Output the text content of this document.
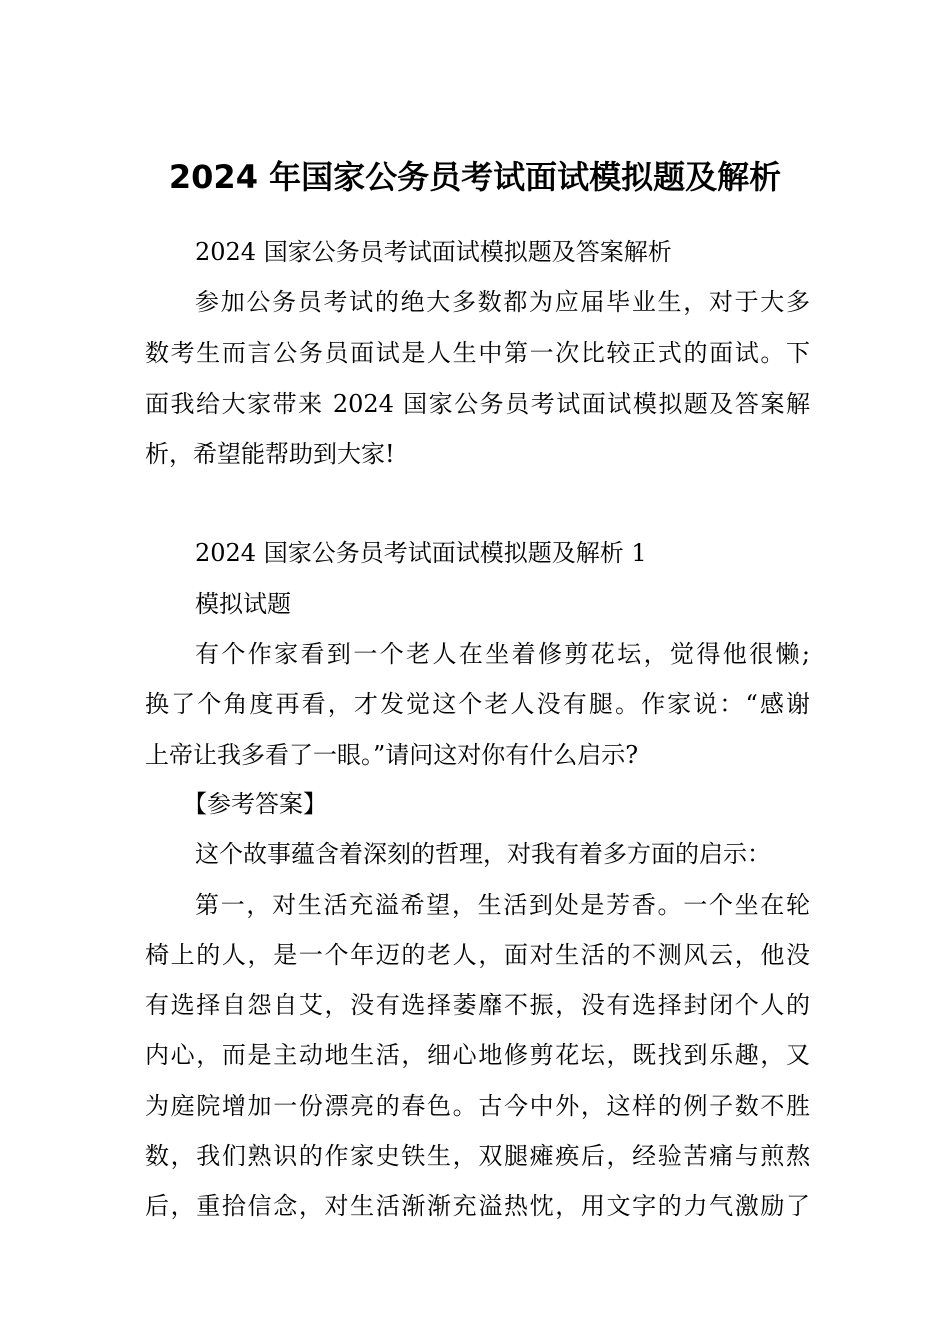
2024 年国家公务员考试面试模拟题及解析
2024 国家公务员考试面试模拟题及答案解析
参加公务员考试的绝大多数都为应届毕业生，对于大多
数考生而言公务员面试是人生中第一次比较正式的面试。下
面我给大家带来 2024 国家公务员考试面试模拟题及答案解
析，希望能帮助到大家!
2024 国家公务员考试面试模拟题及解析 1
模拟试题
有个作家看到一个老人在坐着修剪花坛，觉得他很懒;
换了个角度再看，才发觉这个老人没有腿。作家说：“感谢
上帝让我多看了一眼。”请问这对你有什么启示?
【参考答案】
这个故事蕴含着深刻的哲理，对我有着多方面的启示：
第一，对生活充溢希望，生活到处是芳香。一个坐在轮
椅上的人，是一个年迈的老人，面对生活的不测风云，他没
有选择自怨自艾，没有选择萎靡不振，没有选择封闭个人的
内心，而是主动地生活，细心地修剪花坛，既找到乐趣，又
为庭院增加一份漂亮的春色。古今中外，这样的例子数不胜
数，我们熟识的作家史铁生，双腿瘫痪后，经验苦痛与煎熬
后，重拾信念，对生活渐渐充溢热忱，用文字的力气激励了
